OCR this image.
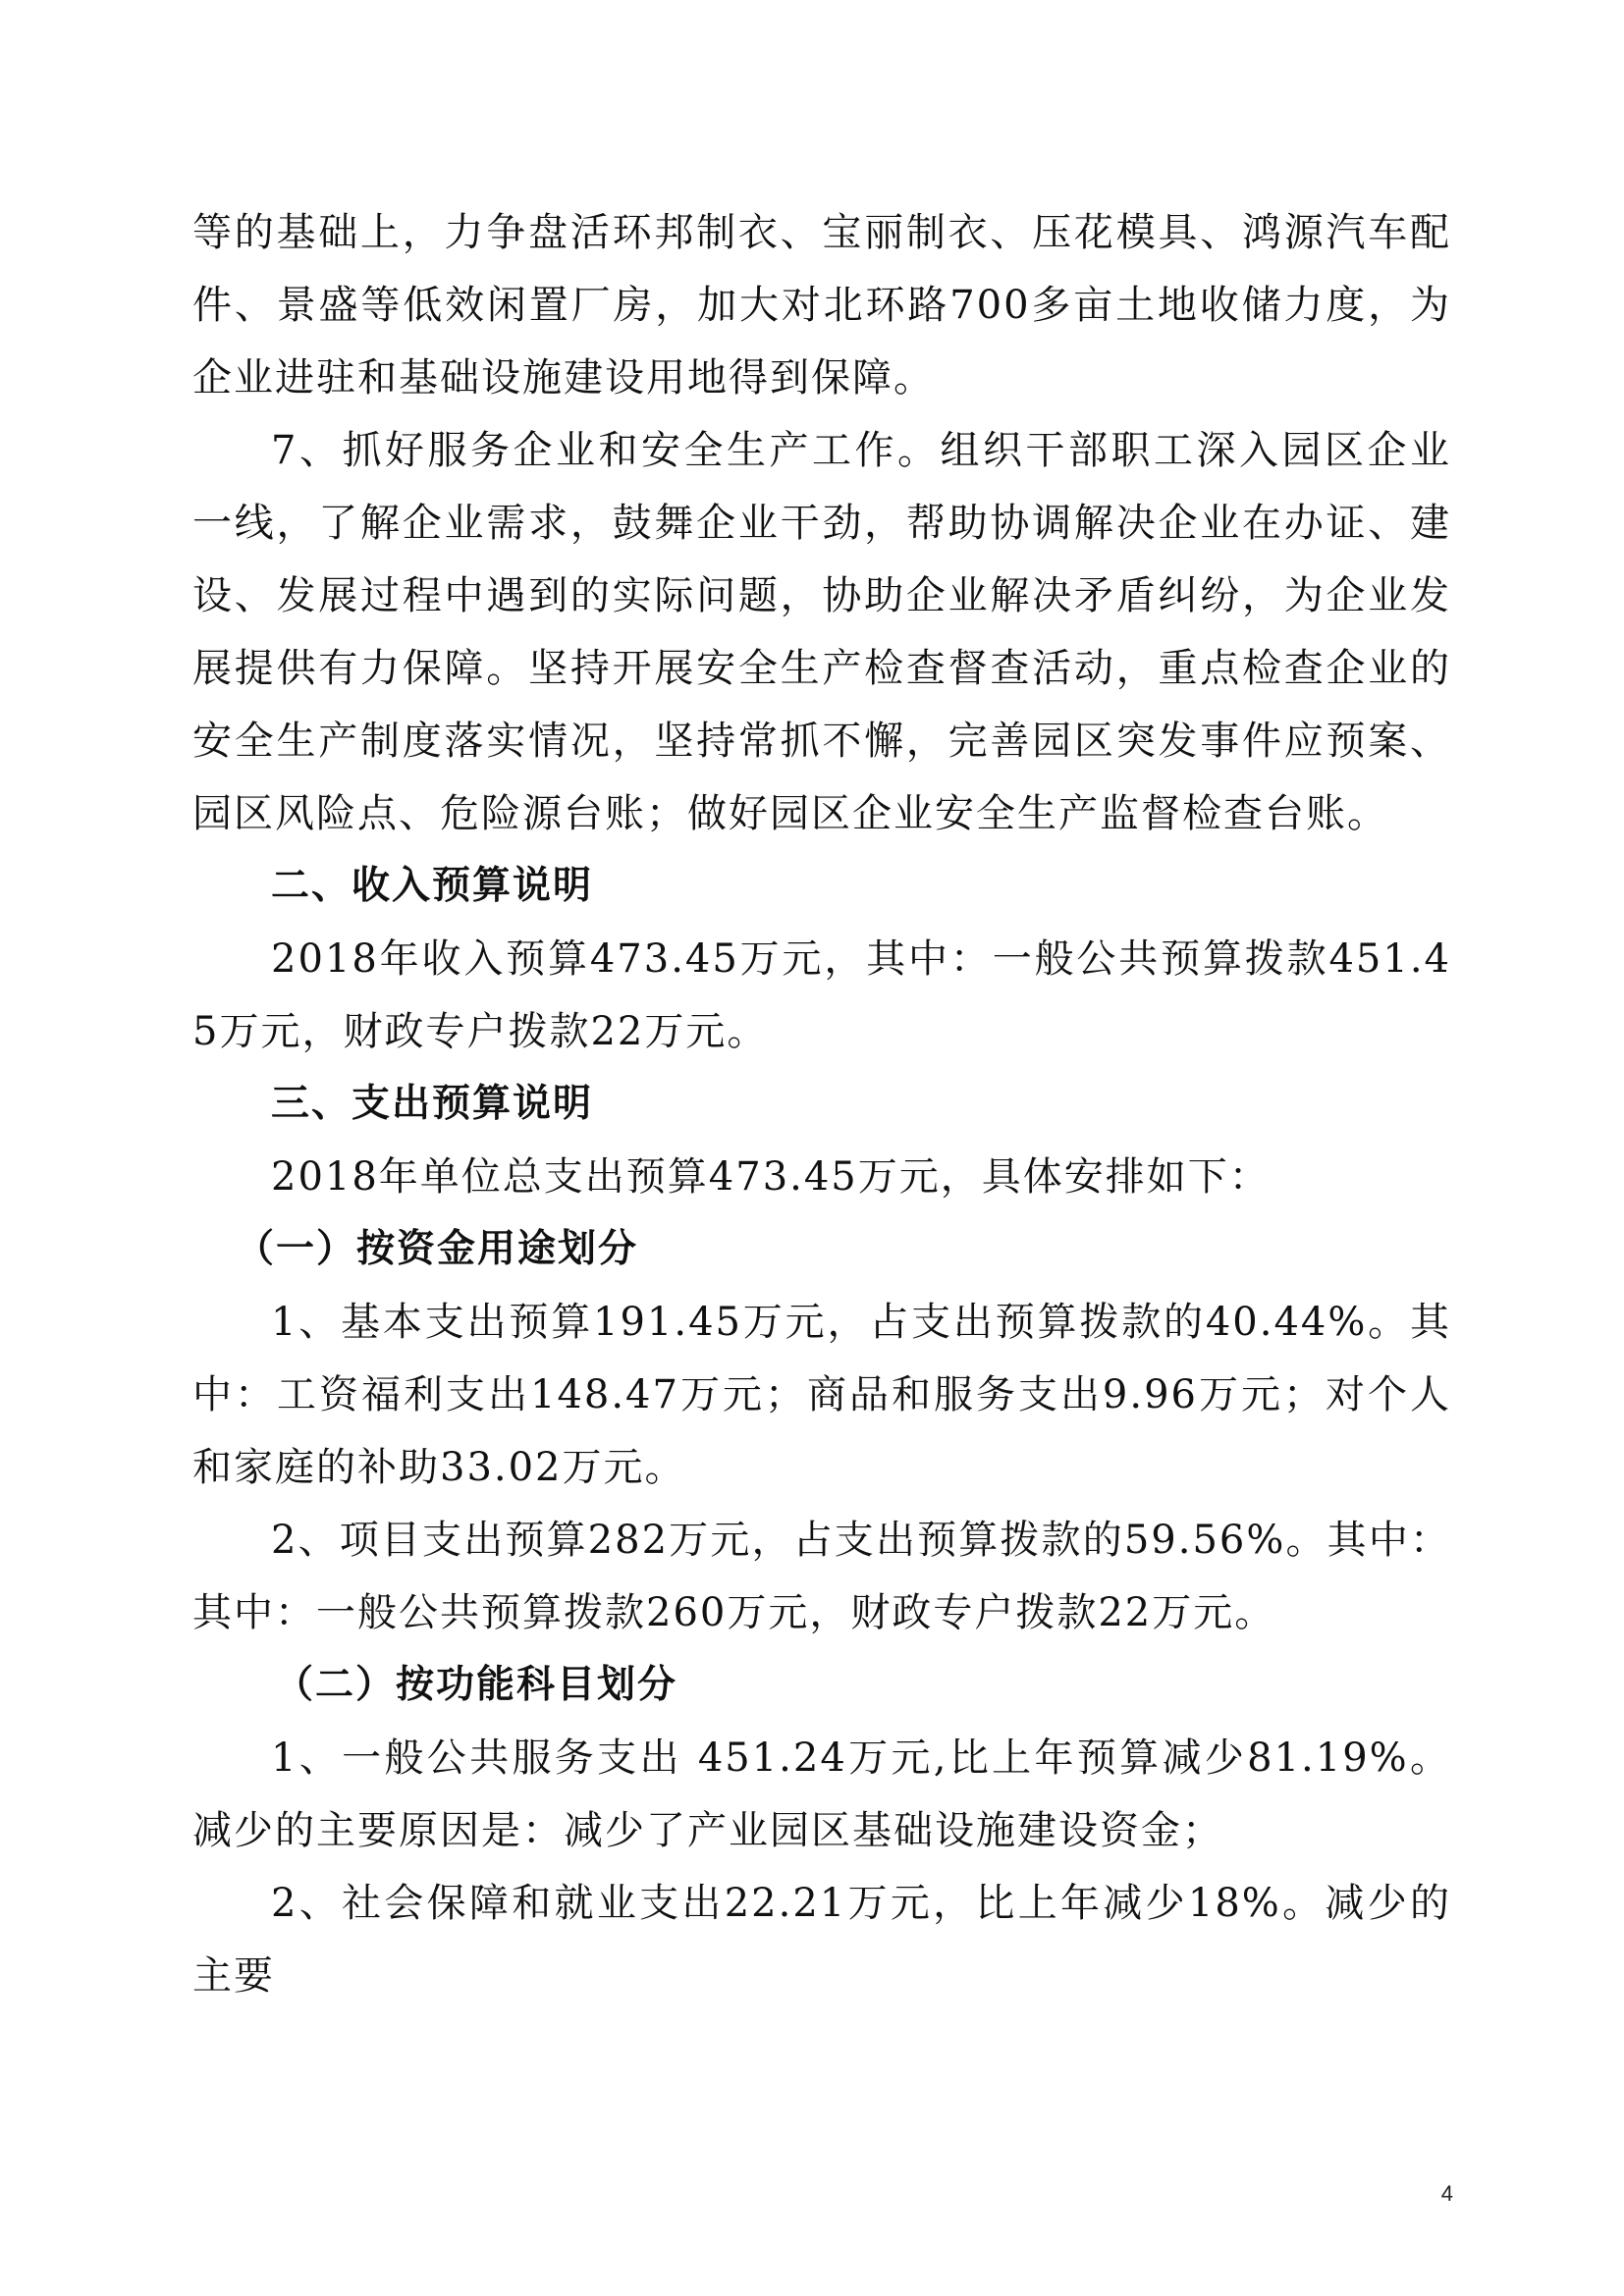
等的基础上，力争盘活环邦制衣、宝丽制衣、压花模具、鸿源汽车配件、景盛等低效闲置厂房，加大对北环路700多亩土地收储力度，为企业进驻和基础设施建设用地得到保障。

7、抓好服务企业和安全生产工作。组织干部职工深入园区企业一线，了解企业需求，鼓舞企业干劲，帮助协调解决企业在办证、建设、发展过程中遇到的实际问题，协助企业解决矛盾纠纷，为企业发展提供有力保障。坚持开展安全生产检查督查活动，重点检查企业的安全生产制度落实情况，坚持常抓不懈，完善园区突发事件应预案、园区风险点、危险源台账；做好园区企业安全生产监督检查台账。

二、收入预算说明

2018年收入预算473.45万元，其中：一般公共预算拨款451.45万元，财政专户拨款22万元。

三、支出预算说明

2018年单位总支出预算473.45万元，具体安排如下：

（一）按资金用途划分

1、基本支出预算191.45万元，占支出预算拨款的40.44%。其中：工资福利支出148.47万元；商品和服务支出9.96万元；对个人和家庭的补助33.02万元。

2、项目支出预算282万元，占支出预算拨款的59.56%。其中：其中：一般公共预算拨款260万元，财政专户拨款22万元。

（二）按功能科目划分

1、一般公共服务支出 451.24万元,比上年预算减少81.19%。减少的主要原因是：减少了产业园区基础设施建设资金；

2、社会保障和就业支出22.21万元，比上年减少18%。减少的主要

4
